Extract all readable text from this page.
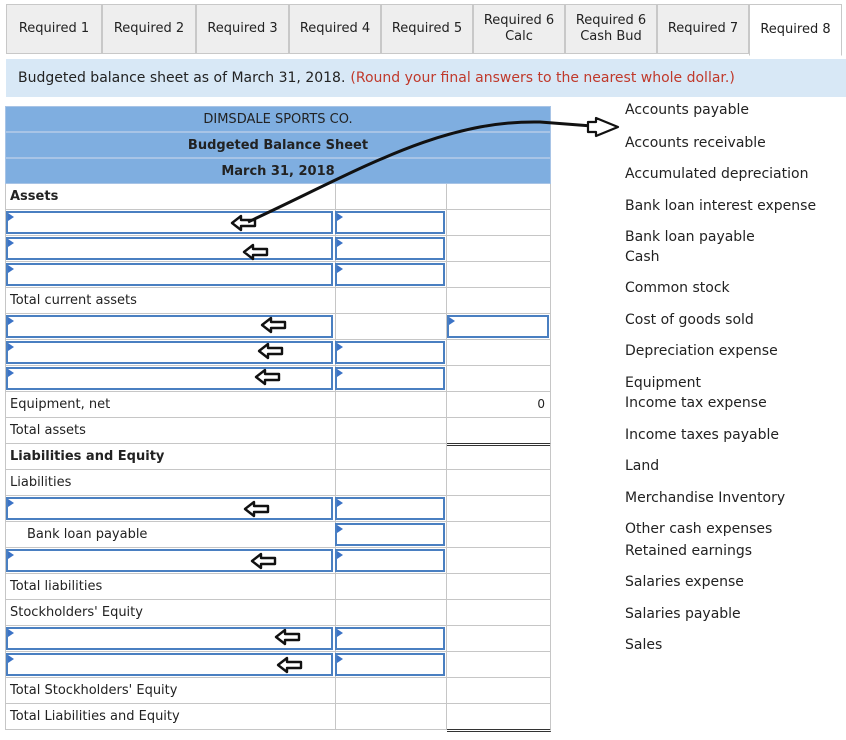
Required 1 Required 2 Required 3 Required 4 Required 5
Required 6
Calc
Required 6
Cash Bud
Required 7 Required 8
Budgeted balance sheet as of March 31, 2018. (Round your final answers to the nearest whole dollar.)
DIMSDALE SPORTS CO.
Budgeted Balance Sheet
March 31, 2018
Assets
Total current assets
Equipment, net	0
Total assets
Liabilities and Equity
Liabilities
Bank loan payable
Total liabilities
Stockholders' Equity
Total Stockholders' Equity
Total Liabilities and Equity
Accounts payable
Accounts receivable
Accumulated depreciation
Bank loan interest expense
Bank loan payable
Cash
Common stock
Cost of goods sold
Depreciation expense
Equipment
Income tax expense
Income taxes payable
Land
Merchandise Inventory
Other cash expenses
Retained earnings
Salaries expense
Salaries payable
Sales
